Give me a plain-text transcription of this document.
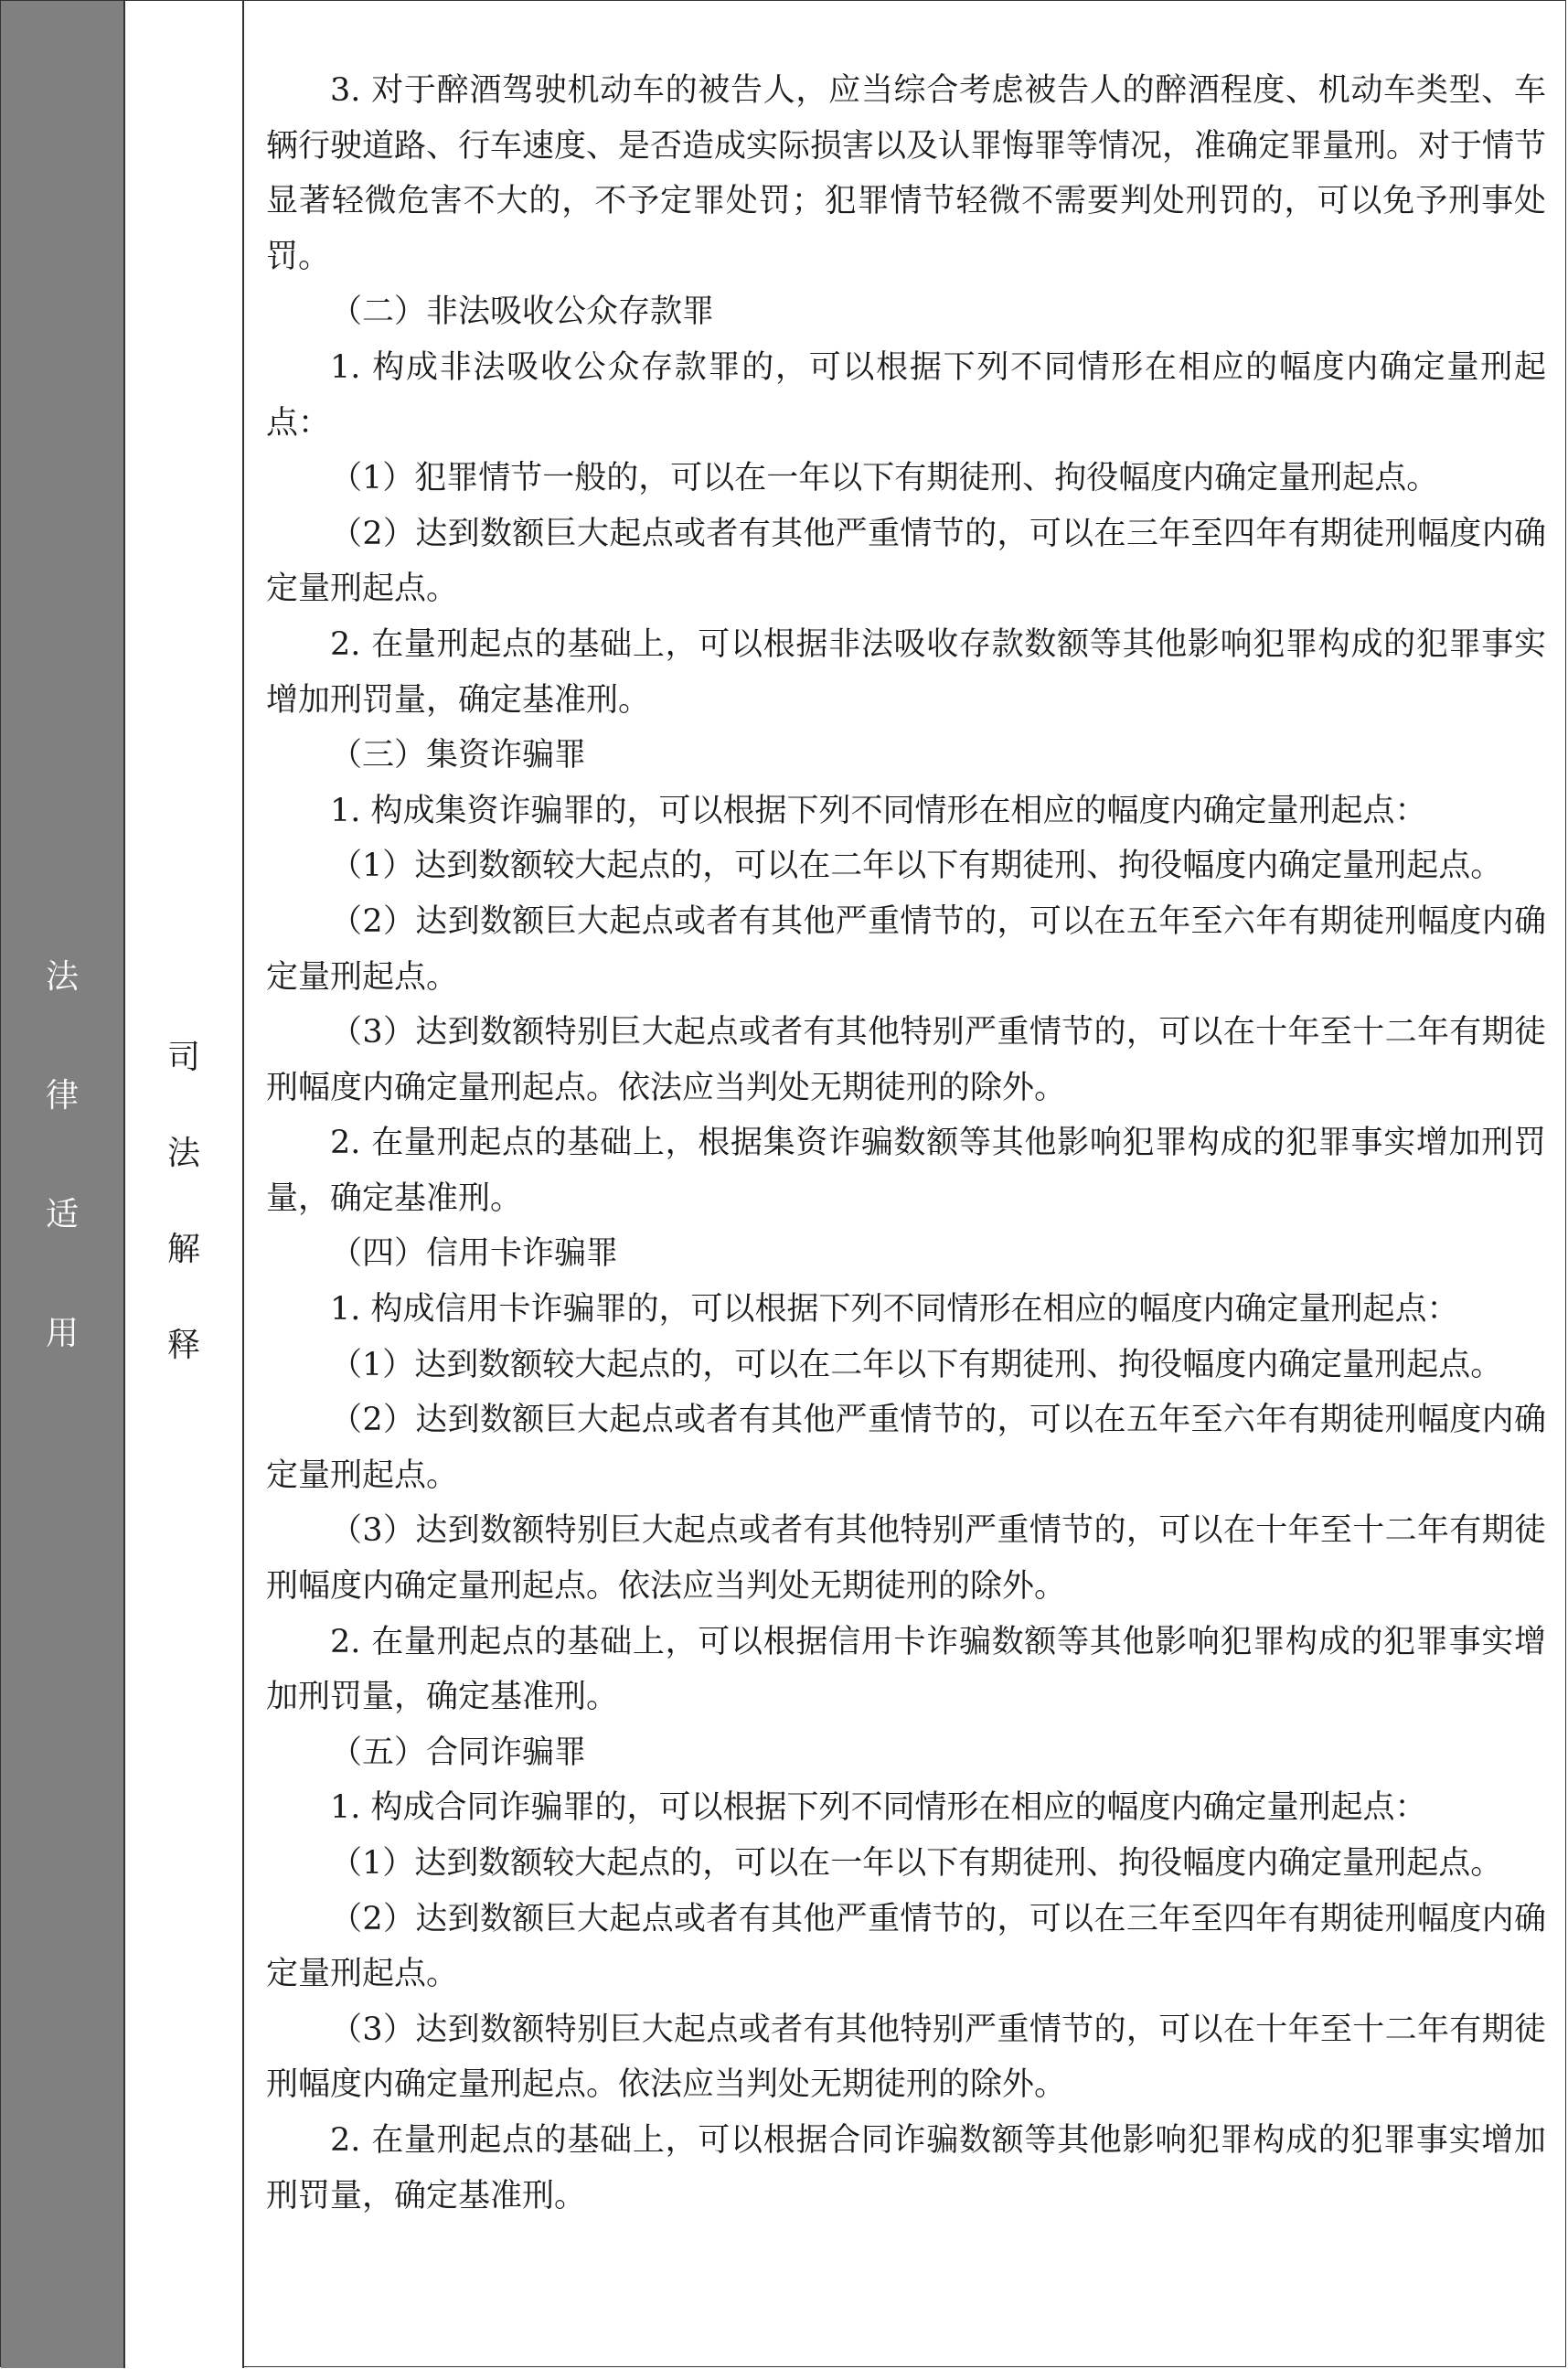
法
律
适
用
司
法
解
释

3. 对于醉酒驾驶机动车的被告人，应当综合考虑被告人的醉酒程度、机动车类型、车辆行驶道路、行车速度、是否造成实际损害以及认罪悔罪等情况，准确定罪量刑。对于情节显著轻微危害不大的，不予定罪处罚；犯罪情节轻微不需要判处刑罚的，可以免予刑事处罚。

（二）非法吸收公众存款罪

1. 构成非法吸收公众存款罪的，可以根据下列不同情形在相应的幅度内确定量刑起点：

（1）犯罪情节一般的，可以在一年以下有期徒刑、拘役幅度内确定量刑起点。

（2）达到数额巨大起点或者有其他严重情节的，可以在三年至四年有期徒刑幅度内确定量刑起点。

2. 在量刑起点的基础上，可以根据非法吸收存款数额等其他影响犯罪构成的犯罪事实增加刑罚量，确定基准刑。

（三）集资诈骗罪

1. 构成集资诈骗罪的，可以根据下列不同情形在相应的幅度内确定量刑起点：

（1）达到数额较大起点的，可以在二年以下有期徒刑、拘役幅度内确定量刑起点。

（2）达到数额巨大起点或者有其他严重情节的，可以在五年至六年有期徒刑幅度内确定量刑起点。

（3）达到数额特别巨大起点或者有其他特别严重情节的，可以在十年至十二年有期徒刑幅度内确定量刑起点。依法应当判处无期徒刑的除外。

2. 在量刑起点的基础上，根据集资诈骗数额等其他影响犯罪构成的犯罪事实增加刑罚量，确定基准刑。

（四）信用卡诈骗罪

1. 构成信用卡诈骗罪的，可以根据下列不同情形在相应的幅度内确定量刑起点：

（1）达到数额较大起点的，可以在二年以下有期徒刑、拘役幅度内确定量刑起点。

（2）达到数额巨大起点或者有其他严重情节的，可以在五年至六年有期徒刑幅度内确定量刑起点。

（3）达到数额特别巨大起点或者有其他特别严重情节的，可以在十年至十二年有期徒刑幅度内确定量刑起点。依法应当判处无期徒刑的除外。

2. 在量刑起点的基础上，可以根据信用卡诈骗数额等其他影响犯罪构成的犯罪事实增加刑罚量，确定基准刑。

（五）合同诈骗罪

1. 构成合同诈骗罪的，可以根据下列不同情形在相应的幅度内确定量刑起点：

（1）达到数额较大起点的，可以在一年以下有期徒刑、拘役幅度内确定量刑起点。

（2）达到数额巨大起点或者有其他严重情节的，可以在三年至四年有期徒刑幅度内确定量刑起点。

（3）达到数额特别巨大起点或者有其他特别严重情节的，可以在十年至十二年有期徒刑幅度内确定量刑起点。依法应当判处无期徒刑的除外。

2. 在量刑起点的基础上，可以根据合同诈骗数额等其他影响犯罪构成的犯罪事实增加刑罚量，确定基准刑。
